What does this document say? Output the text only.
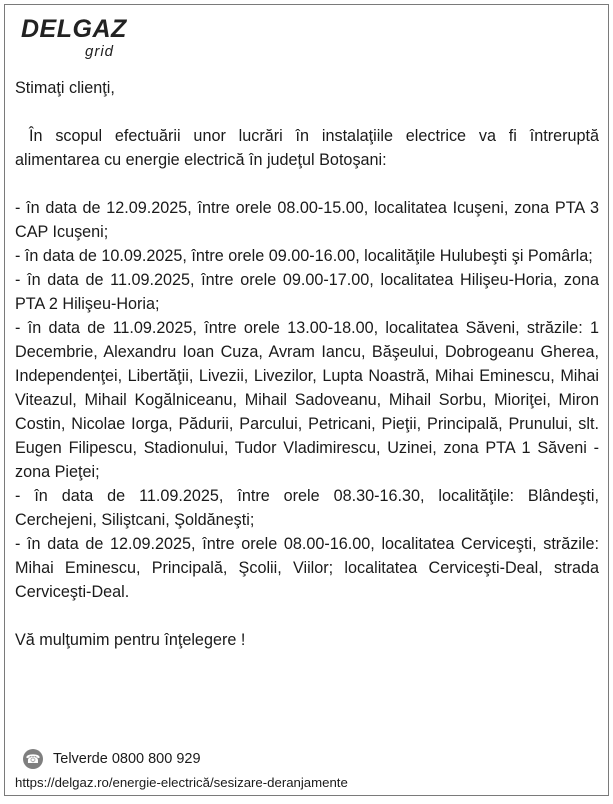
DELGAZ
grid

Stimaţi clienţi,

În scopul efectuării unor lucrări în instalaţiile electrice va fi întreruptă alimentarea cu energie electrică în judeţul Botoşani:

- în data de 12.09.2025, între orele 08.00-15.00, localitatea Icuşeni, zona PTA 3 CAP Icuşeni;

- în data de 10.09.2025, între orele 09.00-16.00, localităţile Hulubeşti şi Pomârla;

- în data de 11.09.2025, între orele 09.00-17.00, localitatea Hilişeu-Horia, zona PTA 2 Hilişeu-Horia;

- în data de 11.09.2025, între orele 13.00-18.00, localitatea Săveni, străzile: 1 Decembrie, Alexandru Ioan Cuza, Avram Iancu, Băşeului, Dobrogeanu Gherea, Independenţei, Libertăţii, Livezii, Livezilor, Lupta Noastră, Mihai Eminescu, Mihai Viteazul, Mihail Kogălniceanu, Mihail Sadoveanu, Mihail Sorbu, Mioriţei, Miron Costin, Nicolae Iorga, Pădurii, Parcului, Petricani, Pieţii, Principală, Prunului, slt. Eugen Filipescu, Stadionului, Tudor Vladimirescu, Uzinei, zona PTA 1 Săveni - zona Pieţei;

- în data de 11.09.2025, între orele 08.30-16.30, localităţile: Blândeşti, Cerchejeni, Siliştcani, Şoldăneşti;

- în data de 12.09.2025, între orele 08.00-16.00, localitatea Cerviceşti, străzile: Mihai Eminescu, Principală, Şcolii, Viilor; localitatea Cerviceşti-Deal, strada Cerviceşti-Deal.

Vă mulţumim pentru înţelegere !

☎ Telverde 0800 800 929
https://delgaz.ro/energie-electrică/sesizare-deranjamente
